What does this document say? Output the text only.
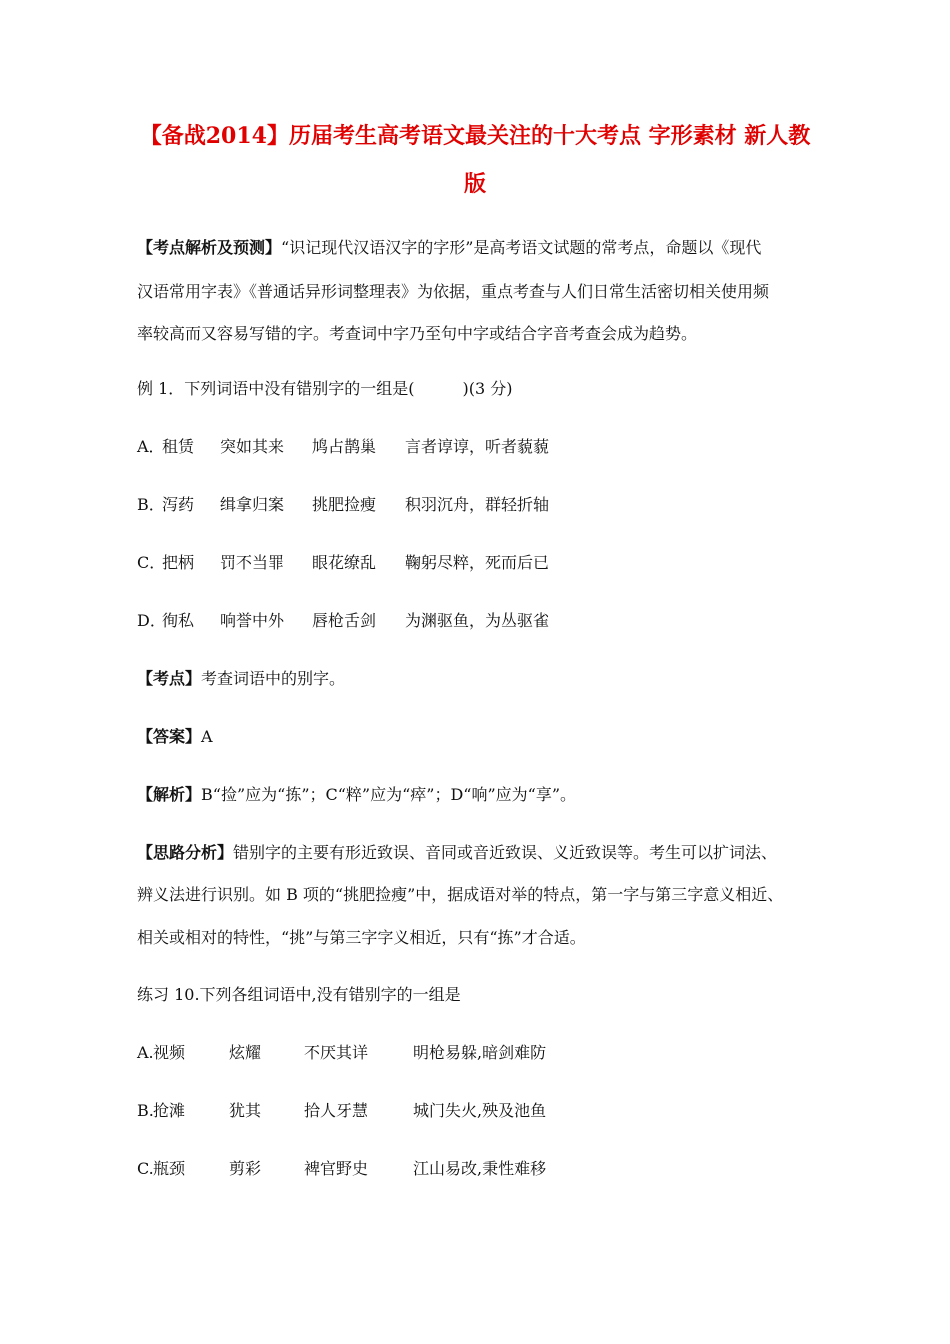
【备战2014】历届考生高考语文最关注的十大考点 字形素材 新人教
版
【考点解析及预测】“识记现代汉语汉字的字形”是高考语文试题的常考点，命题以《现代
汉语常用字表》《普通话异形词整理表》为依据，重点考查与人们日常生活密切相关使用频
率较高而又容易写错的字。考查词中字乃至句中字或结合字音考查会成为趋势。
例 1．下列词语中没有错别字的一组是(　　　)(3 分)
A．
租赁 突如其来 鸠占鹊巢 言者谆谆，听者藐藐
B．
泻药 缉拿归案 挑肥捡瘦 积羽沉舟，群轻折轴
C．
把柄 罚不当罪 眼花缭乱 鞠躬尽粹，死而后已
D．
徇私 响誉中外 唇枪舌剑 为渊驱鱼，为丛驱雀
【考点】考查词语中的别字。
【答案】A
【解析】B“捡”应为“拣”；C“粹”应为“瘁”；D“响”应为“享”。
【思路分析】错别字的主要有形近致误、音同或音近致误、义近致误等。考生可以扩词法、
辨义法进行识别。如 B 项的“挑肥捡瘦”中，据成语对举的特点，第一字与第三字意义相近、
相关或相对的特性，“挑”与第三字字义相近，只有“拣”才合适。
练习 10.下列各组词语中,没有错别字的一组是
A. 视频	炫耀	不厌其详	明枪易躲,暗剑难防
B. 抢滩	犹其	拾人牙慧	城门失火,殃及池鱼
C. 瓶颈	剪彩	裨官野史	江山易改,秉性难移
